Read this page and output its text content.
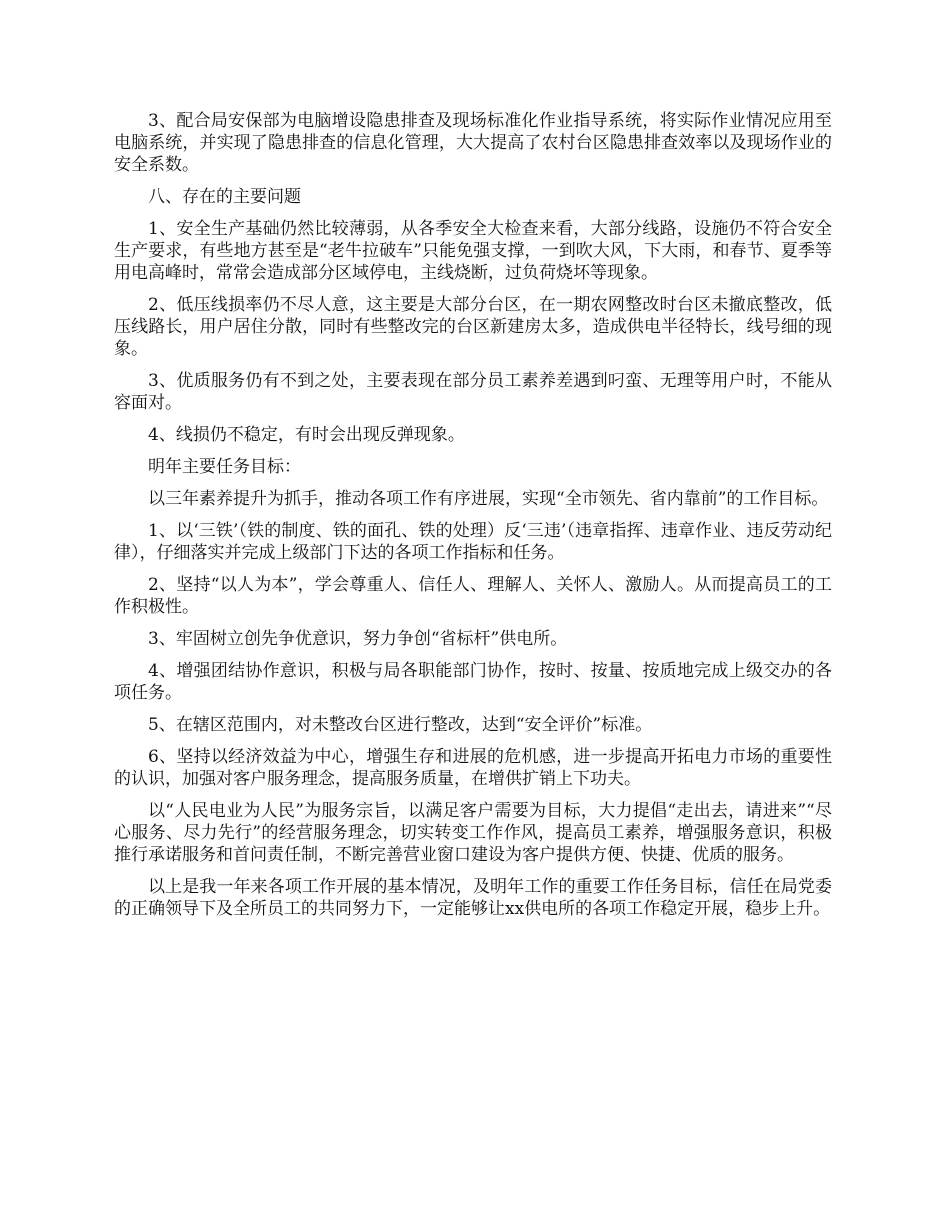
3、配合局安保部为电脑增设隐患排查及现场标准化作业指导系统，将实际作业情况应用至电脑系统，并实现了隐患排查的信息化管理，大大提高了农村台区隐患排查效率以及现场作业的安全系数。

八、存在的主要问题

1、安全生产基础仍然比较薄弱，从各季安全大检查来看，大部分线路，设施仍不符合安全生产要求，有些地方甚至是“老牛拉破车”只能免强支撑，一到吹大风，下大雨，和春节、夏季等用电高峰时，常常会造成部分区域停电，主线烧断，过负荷烧坏等现象。

2、低压线损率仍不尽人意，这主要是大部分台区，在一期农网整改时台区未撤底整改，低压线路长，用户居住分散，同时有些整改完的台区新建房太多，造成供电半径特长，线号细的现象。

3、优质服务仍有不到之处，主要表现在部分员工素养差遇到叼蛮、无理等用户时，不能从容面对。

4、线损仍不稳定，有时会出现反弹现象。

明年主要任务目标：

以三年素养提升为抓手，推动各项工作有序进展，实现“全市领先、省内靠前”的工作目标。

1、以‘三铁’（铁的制度、铁的面孔、铁的处理）反‘三违’（违章指挥、违章作业、违反劳动纪律），仔细落实并完成上级部门下达的各项工作指标和任务。

2、坚持“以人为本”，学会尊重人、信任人、理解人、关怀人、激励人。从而提高员工的工作积极性。

3、牢固树立创先争优意识，努力争创“省标杆”供电所。

4、增强团结协作意识，积极与局各职能部门协作，按时、按量、按质地完成上级交办的各项任务。

5、在辖区范围内，对未整改台区进行整改，达到“安全评价”标准。

6、坚持以经济效益为中心，增强生存和进展的危机感，进一步提高开拓电力市场的重要性的认识，加强对客户服务理念，提高服务质量，在增供扩销上下功夫。

以“人民电业为人民”为服务宗旨，以满足客户需要为目标，大力提倡“走出去，请进来”“尽心服务、尽力先行”的经营服务理念，切实转变工作作风，提高员工素养，增强服务意识，积极推行承诺服务和首问责任制，不断完善营业窗口建设为客户提供方便、快捷、优质的服务。

以上是我一年来各项工作开展的基本情况，及明年工作的重要工作任务目标，信任在局党委的正确领导下及全所员工的共同努力下，一定能够让xx供电所的各项工作稳定开展，稳步上升。
